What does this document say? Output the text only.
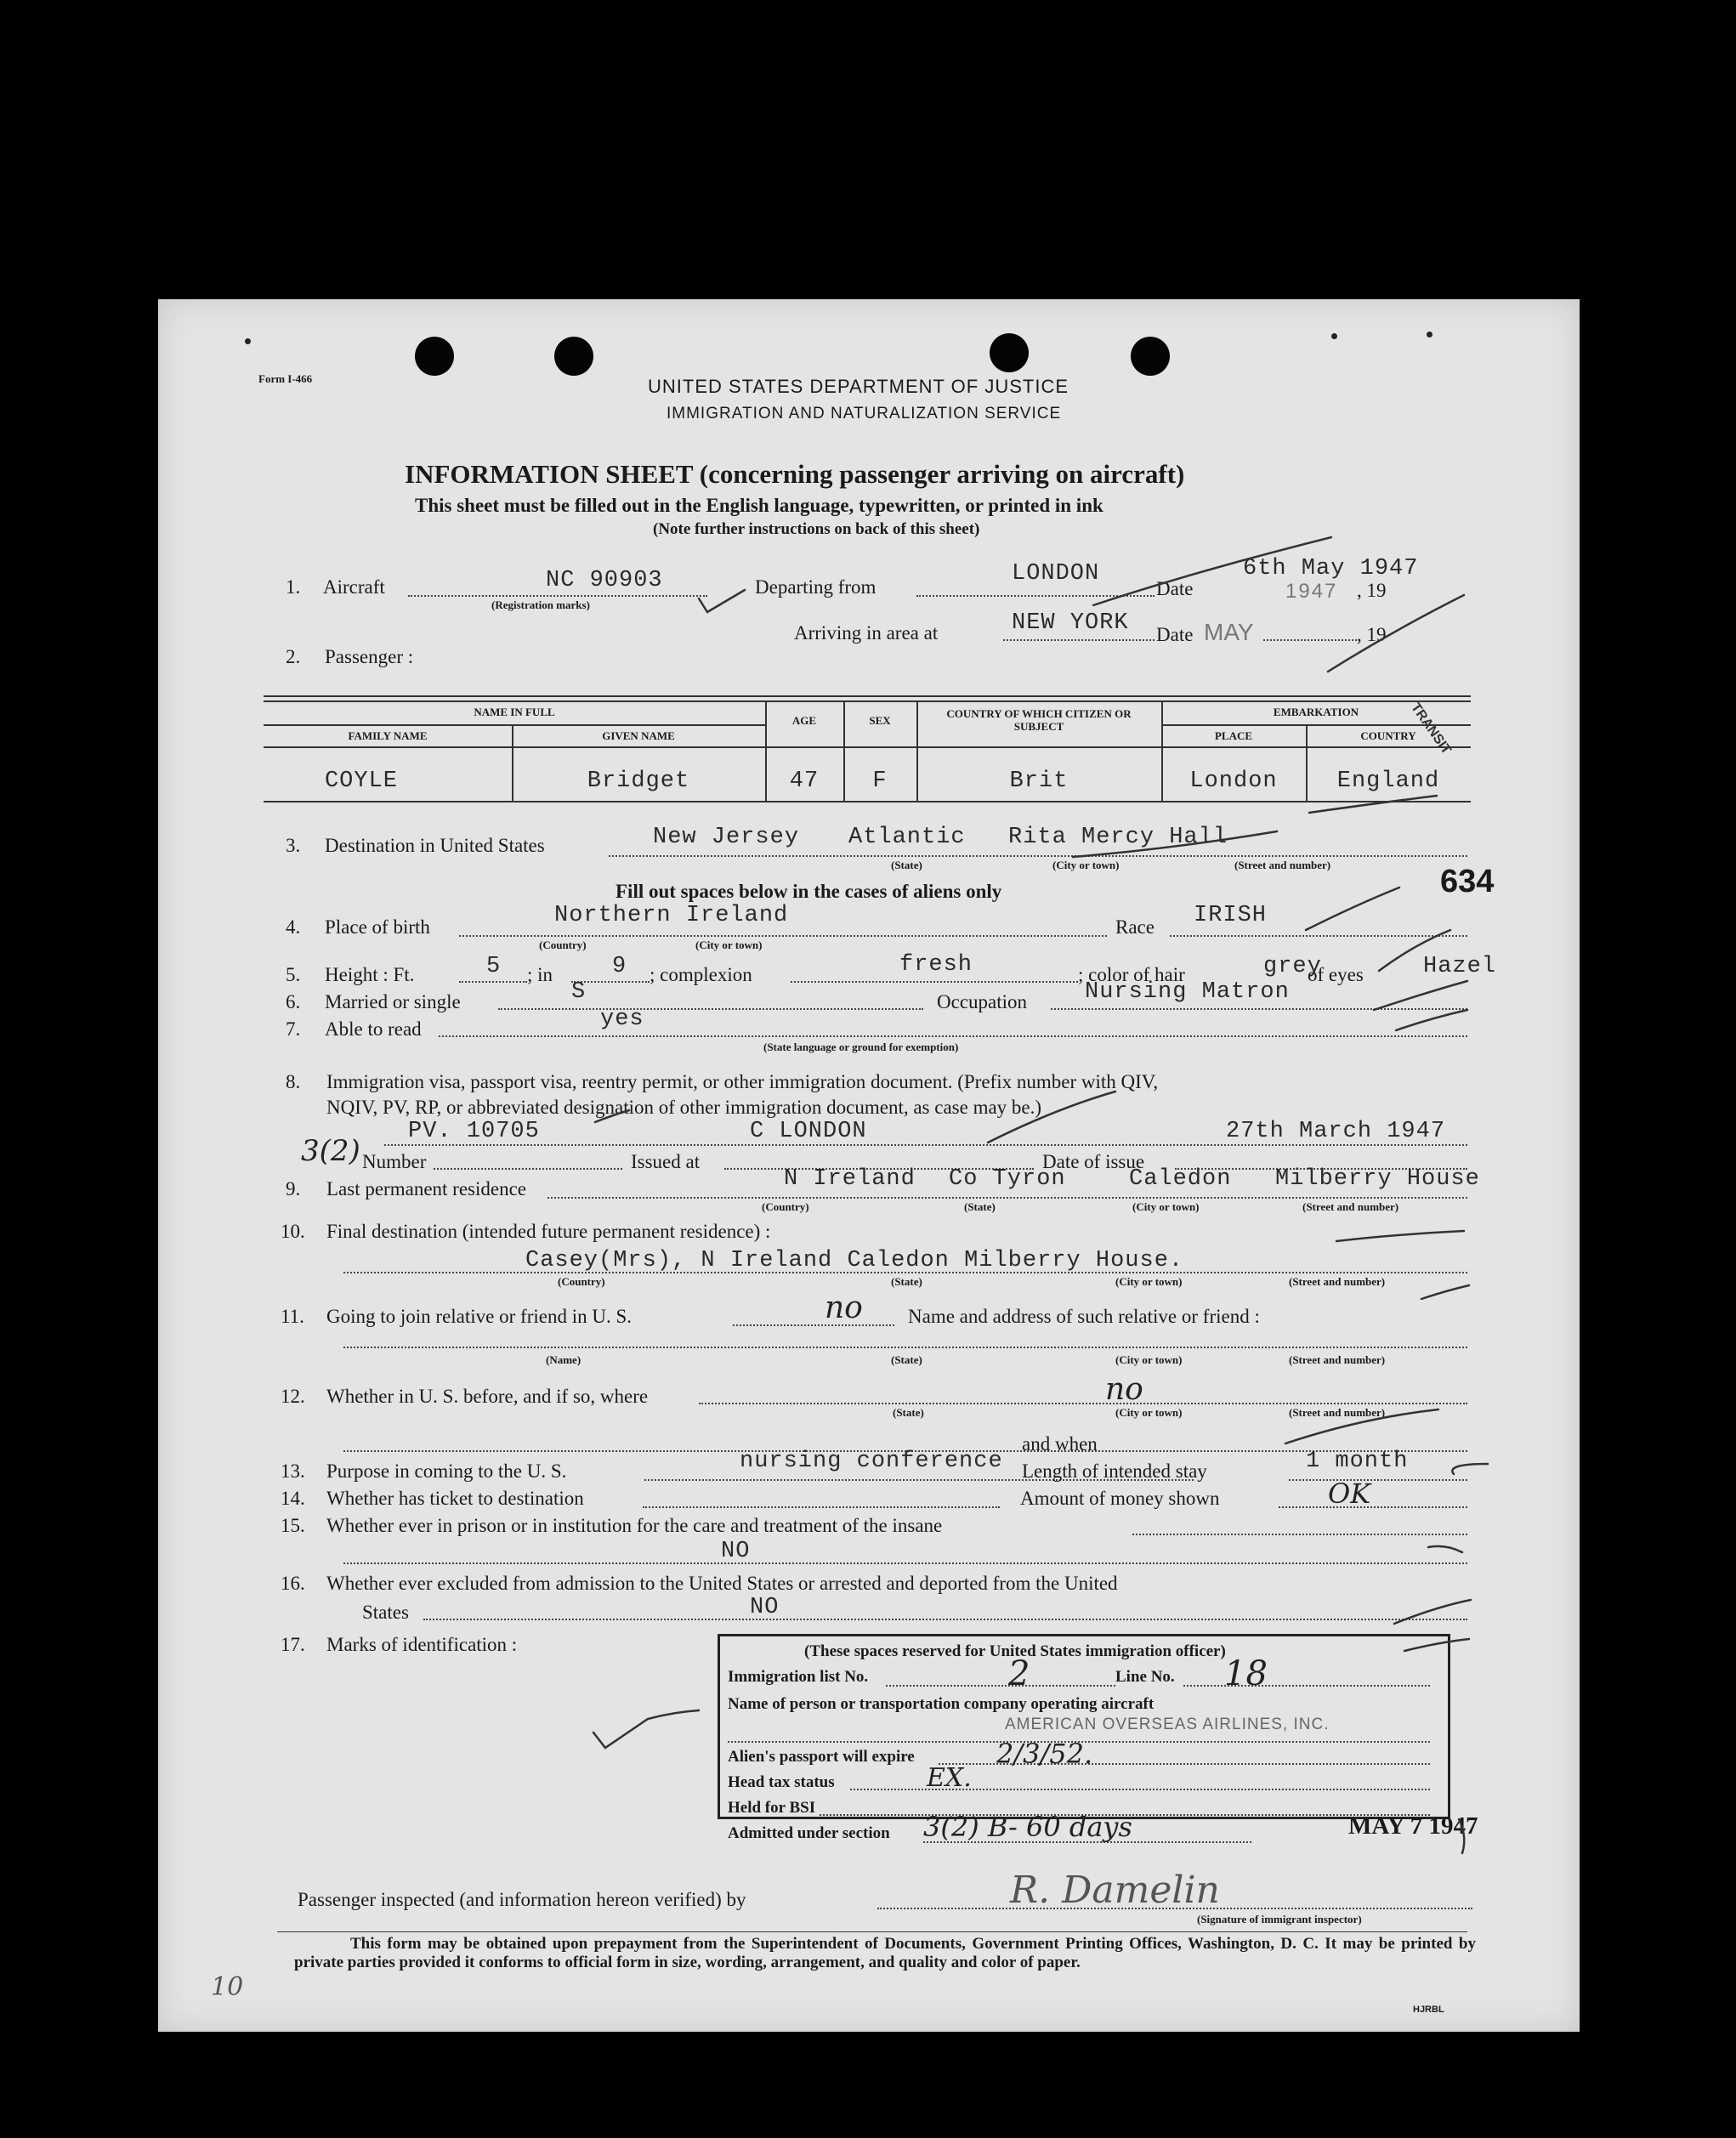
Form I-466	UNITED STATES DEPARTMENT OF JUSTICE
IMMIGRATION AND NATURALIZATION SERVICE
INFORMATION SHEET (concerning passenger arriving on aircraft)
This sheet must be filled out in the English language, typewritten, or printed in ink
(Note further instructions on back of this sheet)
1. Aircraft	NC 90903
(Registration marks)
Departing from
LONDON
Date
6th May 1947
, 19
1947
Arriving in area at	NEW YORK Date MAY	, 19
2. Passenger :
NAME IN FULL
FAMILY NAME	GIVEN NAME
AGE	SEX
COUNTRY OF WHICH CITIZEN OR SUBJECT
EMBARKATION
PLACE	COUNTRY
COYLE	Bridget	47	F	Brit	London	England
TRANSIT
3. Destination in United States	New Jersey Atlantic Rita Mercy Hall
(State)	(City or town)	(Street and number)	634
Fill out spaces below in the cases of aliens only
4. Place of birth	Northern Ireland
(Country)	(City or town)
Race IRISH
5. Height : Ft.	5 ; in	9 ; complexion	fresh	; color of hair	grey
of eyes	Hazel
6. Married or single	S	Occupation	Nursing Matron
7. Able to read	yes
(State language or ground for exemption)
8. Immigration visa, passport visa, reentry permit, or other immigration document. (Prefix number with QIV,
NQIV, PV, RP, or abbreviated designation of other immigration document, as case may be.)
3(2)
PV. 10705	C LONDON	27th March 1947
Number	Issued at	Date of issue
9. Last permanent residence	N Ireland Co Tyron	Caledon Milberry House
(Country)	(State)	(City or town)	(Street and number)
10. Final destination (intended future permanent residence) :
Casey(Mrs), N Ireland Caledon Milberry House.
(Country)	(State)	(City or town)	(Street and number)
11. Going to join relative or friend in U. S.	no Name and address of such relative or friend :
(Name)	(State)	(City or town)	(Street and number)
12. Whether in U. S. before, and if so, where	no
(State)	(City or town)	(Street and number)
and when
13. Purpose in coming to the U. S.	nursing conference Length of intended stay	1 month
14. Whether has ticket to destination	Amount of money shown	OK
15. Whether ever in prison or in institution for the care and treatment of the insane
NO
16. Whether ever excluded from admission to the United States or arrested and deported from the United
States	NO
17. Marks of identification :	(These spaces reserved for United States immigration officer)
Immigration list No.	2	Line No. 18
Name of person or transportation company operating aircraft
AMERICAN OVERSEAS AIRLINES, INC.
Alien's passport will expire	2/3/52.
Head tax status	EX.
Held for BSI
Admitted under section 3(2) B- 60 days	MAY 7 1947
Passenger inspected (and information hereon verified) by	R. Damelin
(Signature of immigrant inspector)
This form may be obtained upon prepayment from the Superintendent of Documents, Government Printing Offices, Washington, D. C. It may be printed by private parties provided it conforms to official form in size, wording, arrangement, and quality and color of paper.
HJRBL
10
